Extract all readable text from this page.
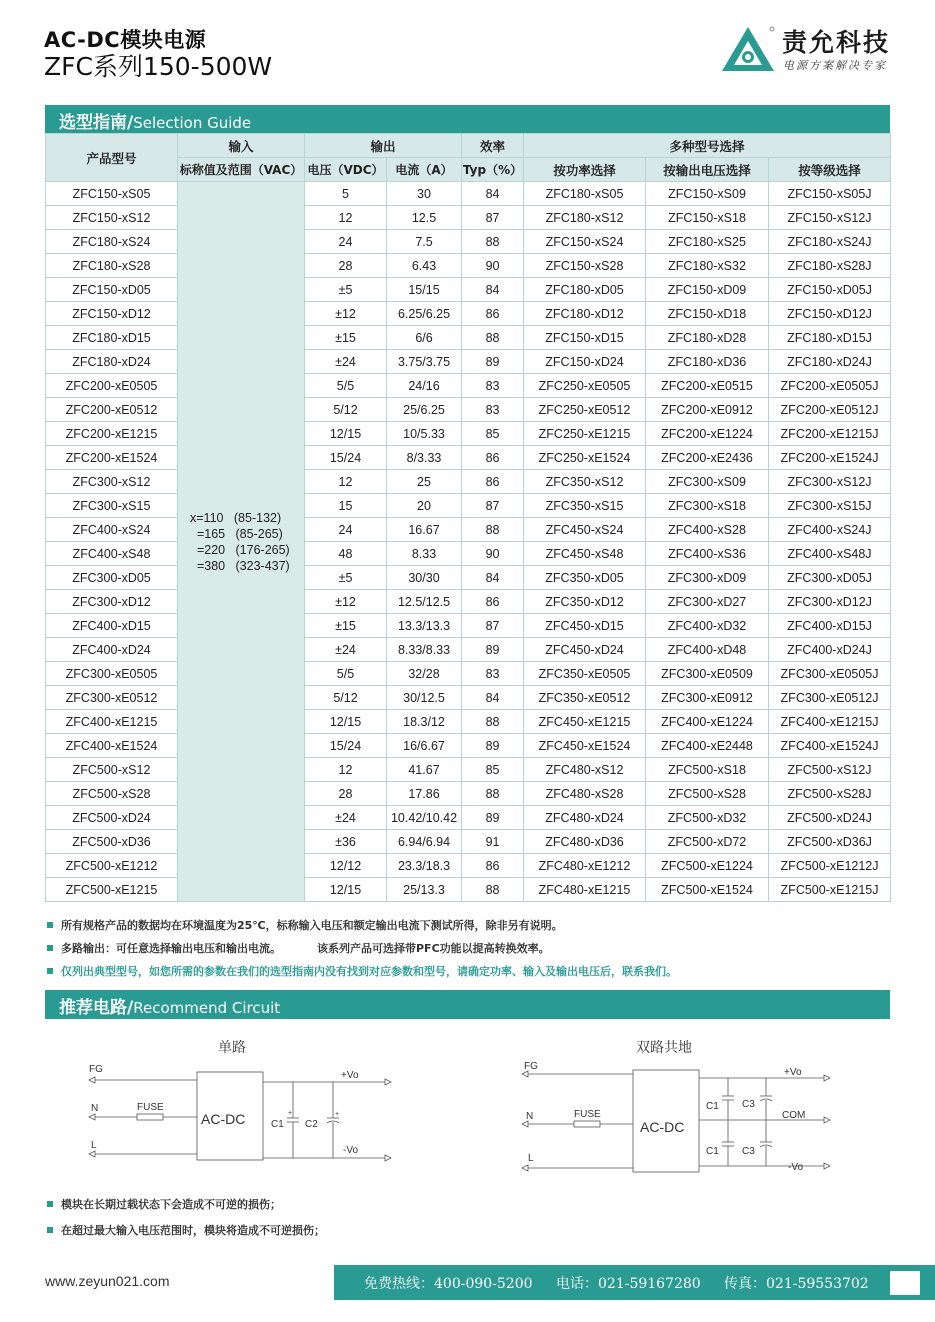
AC-DC模块电源
ZFC系列150-500W
责允科技
电源方案解决专家
选型指南/Selection Guide
产品型号	输入	输出		效率	多种型号选择		
	标称值及范围（VAC）	电压（VDC）	电流（A）	Typ（%）	按功率选择	按输出电压选择	按等级选择
ZFC150-xS05	x=110   (85-132)
=165   (85-265)
=220   (176-265)
=380   (323-437)	5	30	84	ZFC180-xS05	ZFC150-xS09	ZFC150-xS05J
ZFC150-xS12		12	12.5	87	ZFC180-xS12	ZFC150-xS18	ZFC150-xS12J
ZFC180-xS24		24	7.5	88	ZFC150-xS24	ZFC180-xS25	ZFC180-xS24J
ZFC180-xS28		28	6.43	90	ZFC150-xS28	ZFC180-xS32	ZFC180-xS28J
ZFC150-xD05		±5	15/15	84	ZFC180-xD05	ZFC150-xD09	ZFC150-xD05J
ZFC150-xD12		±12	6.25/6.25	86	ZFC180-xD12	ZFC150-xD18	ZFC150-xD12J
ZFC180-xD15		±15	6/6	88	ZFC150-xD15	ZFC180-xD28	ZFC180-xD15J
ZFC180-xD24		±24	3.75/3.75	89	ZFC150-xD24	ZFC180-xD36	ZFC180-xD24J
ZFC200-xE0505		5/5	24/16	83	ZFC250-xE0505	ZFC200-xE0515	ZFC200-xE0505J
ZFC200-xE0512		5/12	25/6.25	83	ZFC250-xE0512	ZFC200-xE0912	ZFC200-xE0512J
ZFC200-xE1215		12/15	10/5.33	85	ZFC250-xE1215	ZFC200-xE1224	ZFC200-xE1215J
ZFC200-xE1524		15/24	8/3.33	86	ZFC250-xE1524	ZFC200-xE2436	ZFC200-xE1524J
ZFC300-xS12		12	25	86	ZFC350-xS12	ZFC300-xS09	ZFC300-xS12J
ZFC300-xS15		15	20	87	ZFC350-xS15	ZFC300-xS18	ZFC300-xS15J
ZFC400-xS24		24	16.67	88	ZFC450-xS24	ZFC400-xS28	ZFC400-xS24J
ZFC400-xS48		48	8.33	90	ZFC450-xS48	ZFC400-xS36	ZFC400-xS48J
ZFC300-xD05		±5	30/30	84	ZFC350-xD05	ZFC300-xD09	ZFC300-xD05J
ZFC300-xD12		±12	12.5/12.5	86	ZFC350-xD12	ZFC300-xD27	ZFC300-xD12J
ZFC400-xD15		±15	13.3/13.3	87	ZFC450-xD15	ZFC400-xD32	ZFC400-xD15J
ZFC400-xD24		±24	8.33/8.33	89	ZFC450-xD24	ZFC400-xD48	ZFC400-xD24J
ZFC300-xE0505		5/5	32/28	83	ZFC350-xE0505	ZFC300-xE0509	ZFC300-xE0505J
ZFC300-xE0512		5/12	30/12.5	84	ZFC350-xE0512	ZFC300-xE0912	ZFC300-xE0512J
ZFC400-xE1215		12/15	18.3/12	88	ZFC450-xE1215	ZFC400-xE1224	ZFC400-xE1215J
ZFC400-xE1524		15/24	16/6.67	89	ZFC450-xE1524	ZFC400-xE2448	ZFC400-xE1524J
ZFC500-xS12		12	41.67	85	ZFC480-xS12	ZFC500-xS18	ZFC500-xS12J
ZFC500-xS28		28	17.86	88	ZFC480-xS28	ZFC500-xS28	ZFC500-xS28J
ZFC500-xD24		±24	10.42/10.42	89	ZFC480-xD24	ZFC500-xD32	ZFC500-xD24J
ZFC500-xD36		±36	6.94/6.94	91	ZFC480-xD36	ZFC500-xD72	ZFC500-xD36J
ZFC500-xE1212		12/12	23.3/18.3	86	ZFC480-xE1212	ZFC500-xE1224	ZFC500-xE1212J
ZFC500-xE1215		12/15	25/13.3	88	ZFC480-xE1215	ZFC500-xE1524	ZFC500-xE1215J
所有规格产品的数据均在环境温度为25℃，标称输入电压和额定输出电流下测试所得，除非另有说明。
多路输出：可任意选择输出电压和输出电流。	该系列产品可选择带PFC功能以提高转换效率。
仅列出典型型号，如您所需的参数在我们的选型指南内没有找到对应参数和型号，请确定功率、输入及输出电压后，联系我们。
推荐电路/Recommend Circuit
单路
FG
N
L
FUSE
AC-DC	C1 C2
+Vo
-Vo
+	+
双路共地
FG
N
L
FUSE
AC-DC
C1 C3
C1 C3
+Vo
COM
-Vo
模块在长期过载状态下会造成不可逆的损伤；
在超过最大输入电压范围时，模块将造成不可逆损伤；
www.zeyun021.com	免费热线：400-090-5200 电话：021-59167280 传真：021-59553702
